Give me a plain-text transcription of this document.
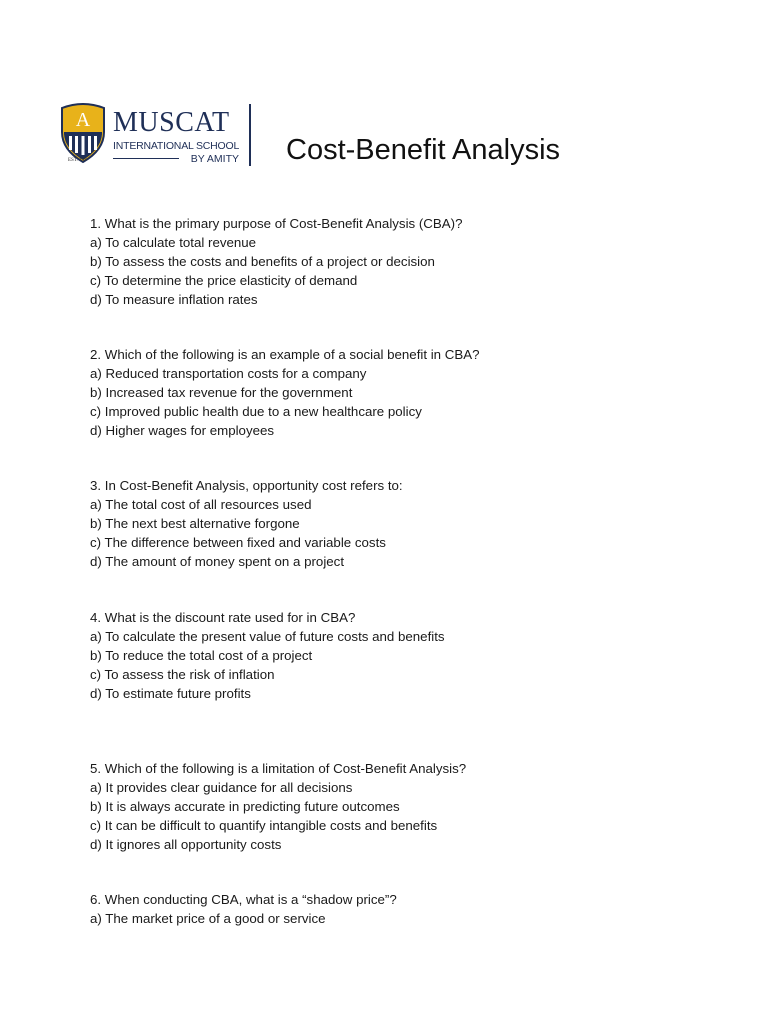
A
EST. 199
MUSCAT
INTERNATIONAL SCHOOL
BY AMITY Cost-Benefit Analysis
1. What is the primary purpose of Cost-Benefit Analysis (CBA)?
a) To calculate total revenue
b) To assess the costs and benefits of a project or decision
c) To determine the price elasticity of demand
d) To measure inflation rates
2. Which of the following is an example of a social benefit in CBA?
a) Reduced transportation costs for a company
b) Increased tax revenue for the government
c) Improved public health due to a new healthcare policy
d) Higher wages for employees
3. In Cost-Benefit Analysis, opportunity cost refers to:
a) The total cost of all resources used
b) The next best alternative forgone
c) The difference between fixed and variable costs
d) The amount of money spent on a project
4. What is the discount rate used for in CBA?
a) To calculate the present value of future costs and benefits
b) To reduce the total cost of a project
c) To assess the risk of inflation
d) To estimate future profits
5. Which of the following is a limitation of Cost-Benefit Analysis?
a) It provides clear guidance for all decisions
b) It is always accurate in predicting future outcomes
c) It can be difficult to quantify intangible costs and benefits
d) It ignores all opportunity costs
6. When conducting CBA, what is a “shadow price”?
a) The market price of a good or service
